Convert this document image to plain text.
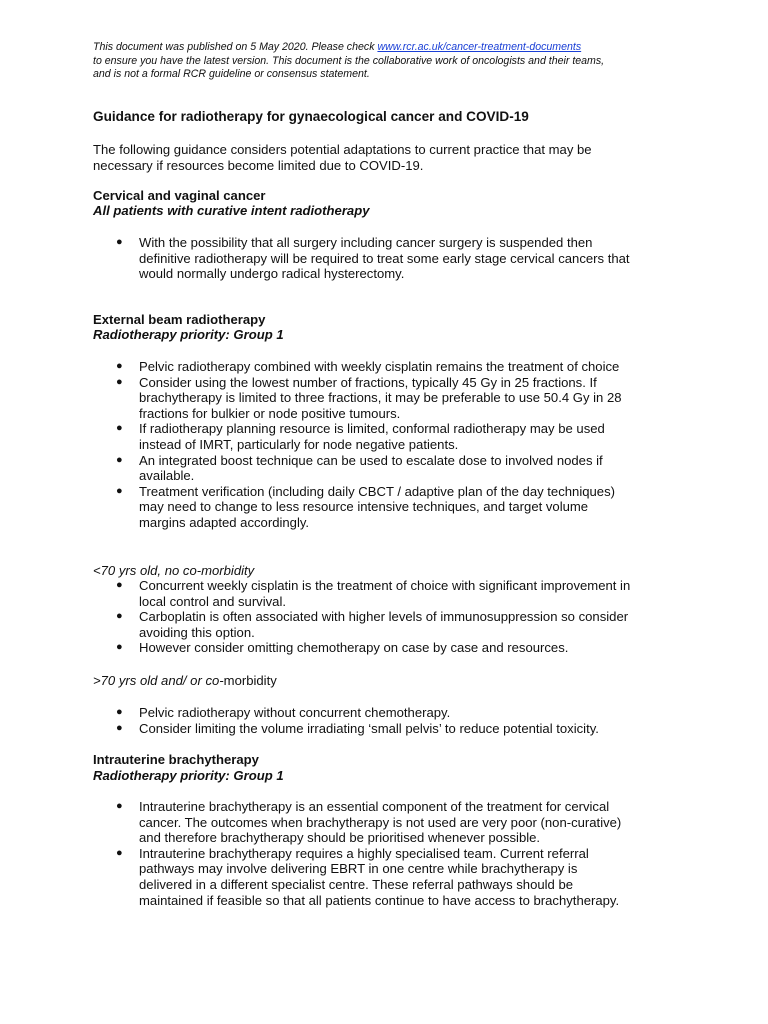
This document was published on 5 May 2020. Please check www.rcr.ac.uk/cancer-treatment-documents
to ensure you have the latest version. This document is the collaborative work of oncologists and their teams,
and is not a formal RCR guideline or consensus statement.
Guidance for radiotherapy for gynaecological cancer and COVID-19
The following guidance considers potential adaptations to current practice that may be
necessary if resources become limited due to COVID-19.
Cervical and vaginal cancer
All patients with curative intent radiotherapy
● With the possibility that all surgery including cancer surgery is suspended then
definitive radiotherapy will be required to treat some early stage cervical cancers that
would normally undergo radical hysterectomy.
External beam radiotherapy
Radiotherapy priority: Group 1
● Pelvic radiotherapy combined with weekly cisplatin remains the treatment of choice
● Consider using the lowest number of fractions, typically 45 Gy in 25 fractions. If
brachytherapy is limited to three fractions, it may be preferable to use 50.4 Gy in 28
fractions for bulkier or node positive tumours.
● If radiotherapy planning resource is limited, conformal radiotherapy may be used
instead of IMRT, particularly for node negative patients.
● An integrated boost technique can be used to escalate dose to involved nodes if
available.
● Treatment verification (including daily CBCT / adaptive plan of the day techniques)
may need to change to less resource intensive techniques, and target volume
margins adapted accordingly.
<70 yrs old, no co-morbidity
● Concurrent weekly cisplatin is the treatment of choice with significant improvement in
local control and survival.
● Carboplatin is often associated with higher levels of immunosuppression so consider
avoiding this option.
● However consider omitting chemotherapy on case by case and resources.
>70 yrs old and/ or co-morbidity
● Pelvic radiotherapy without concurrent chemotherapy.
● Consider limiting the volume irradiating ‘small pelvis’ to reduce potential toxicity.
Intrauterine brachytherapy
Radiotherapy priority: Group 1
● Intrauterine brachytherapy is an essential component of the treatment for cervical
cancer. The outcomes when brachytherapy is not used are very poor (non-curative)
and therefore brachytherapy should be prioritised whenever possible.
● Intrauterine brachytherapy requires a highly specialised team. Current referral
pathways may involve delivering EBRT in one centre while brachytherapy is
delivered in a different specialist centre. These referral pathways should be
maintained if feasible so that all patients continue to have access to brachytherapy.
